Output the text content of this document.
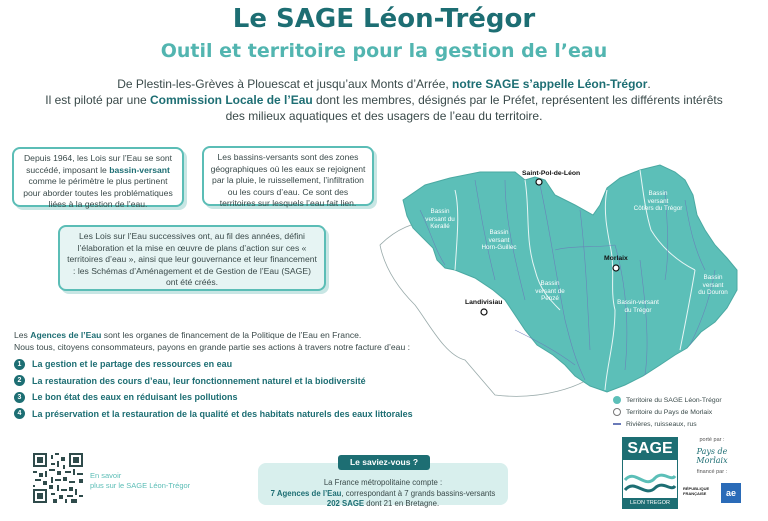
Le SAGE Léon-Trégor
Outil et territoire pour la gestion de l’eau
De Plestin-les-Grèves à Plouescat et jusqu’aux Monts d’Arrée, notre SAGE s’appelle Léon-Trégor.
Il est piloté par une Commission Locale de l’Eau dont les membres, désignés par le Préfet, représentent les différents intérêts des milieux aquatiques et des usagers de l’eau du territoire.
Depuis 1964, les Lois sur l’Eau se sont succédé, imposant le bassin-versant comme le périmètre le plus pertinent pour aborder toutes les problématiques liées à la gestion de l’eau.
Les bassins-versants sont des zones géographiques où les eaux se rejoignent par la pluie, le ruissellement, l’infiltration ou les cours d’eau. Ce sont des territoires sur lesquels l’eau fait lien.
Les Lois sur l’Eau successives ont, au fil des années, défini l’élaboration et la mise en œuvre de plans d’action sur ces « territoires d’eau », ainsi que leur gouvernance et leur financement : les Schémas d’Aménagement et de Gestion de l’Eau (SAGE) ont été créés.
Les Agences de l’Eau sont les organes de financement de la Politique de l’Eau en France.
Nous tous, citoyens consommateurs, payons en grande partie ses actions à travers notre facture d’eau :
1	La gestion et le partage des ressources en eau
2	La restauration des cours d’eau, leur fonctionnement naturel et la biodiversité
3	Le bon état des eaux en réduisant les pollutions
4	La préservation et la restauration de la qualité et des habitats naturels des eaux littorales
En savoir
plus sur le SAGE Léon-Trégor	La France métropolitaine compte :
7 Agences de l’Eau, correspondant à 7 grands bassins-versants
202 SAGE dont 21 en Bretagne.
Le saviez-vous ?
Saint-Pol-de-Léon
Morlaix
Landivisiau
Bassin
versant du
Kerallé
Bassin
versant
Horn-Guillec
Bassin
versant
Côtiers du Trégor
Bassin
versant de
Penzé
Bassin-versant
du Trégor
Bassin
versant
du Douron
Territoire du SAGE Léon-Trégor
Territoire du Pays de Morlaix
Rivières, ruisseaux, rus
SAGE
LEON TREGOR
porté par :
Pays de Morlaix
financé par :
RÉPUBLIQUE FRANÇAISE	ae
